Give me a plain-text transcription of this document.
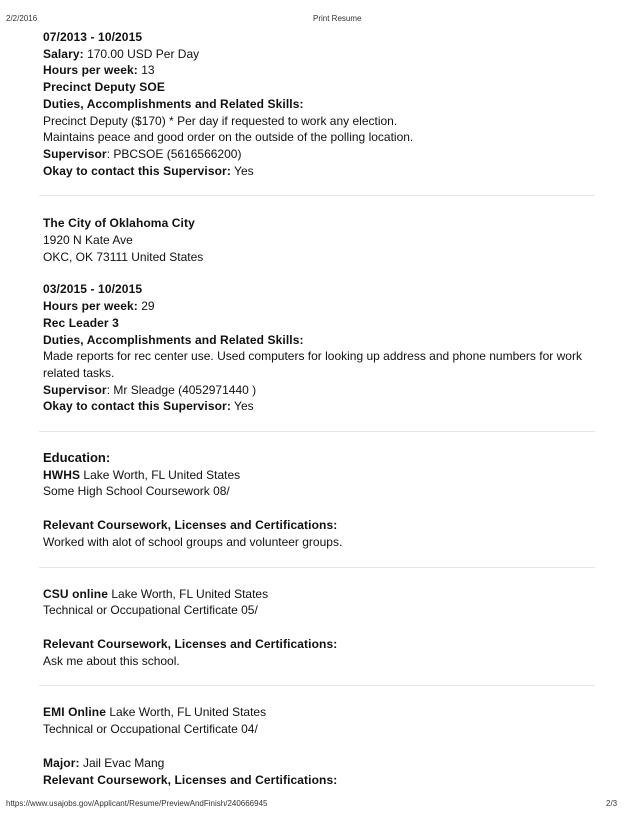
2/2/2016	Print Resume
07/2013 - 10/2015
Salary: 170.00 USD Per Day
Hours per week: 13
Precinct Deputy SOE
Duties, Accomplishments and Related Skills:
Precinct Deputy ($170) * Per day if requested to work any election.
Maintains peace and good order on the outside of the polling location.
Supervisor: PBCSOE (5616566200)
Okay to contact this Supervisor: Yes
The City of Oklahoma City
1920 N Kate Ave
OKC, OK 73111 United States
03/2015 - 10/2015
Hours per week: 29
Rec Leader 3
Duties, Accomplishments and Related Skills:
Made reports for rec center use. Used computers for looking up address and phone numbers for work related tasks.
Supervisor: Mr Sleadge (4052971440 )
Okay to contact this Supervisor: Yes
Education:
HWHS Lake Worth, FL United States
Some High School Coursework 08/
Relevant Coursework, Licenses and Certifications:
Worked with alot of school groups and volunteer groups.
CSU online Lake Worth, FL United States
Technical or Occupational Certificate 05/
Relevant Coursework, Licenses and Certifications:
Ask me about this school.
EMI Online Lake Worth, FL United States
Technical or Occupational Certificate 04/
Major: Jail Evac Mang
Relevant Coursework, Licenses and Certifications:
https://www.usajobs.gov/Applicant/Resume/PreviewAndFinish/240666945	2/3
